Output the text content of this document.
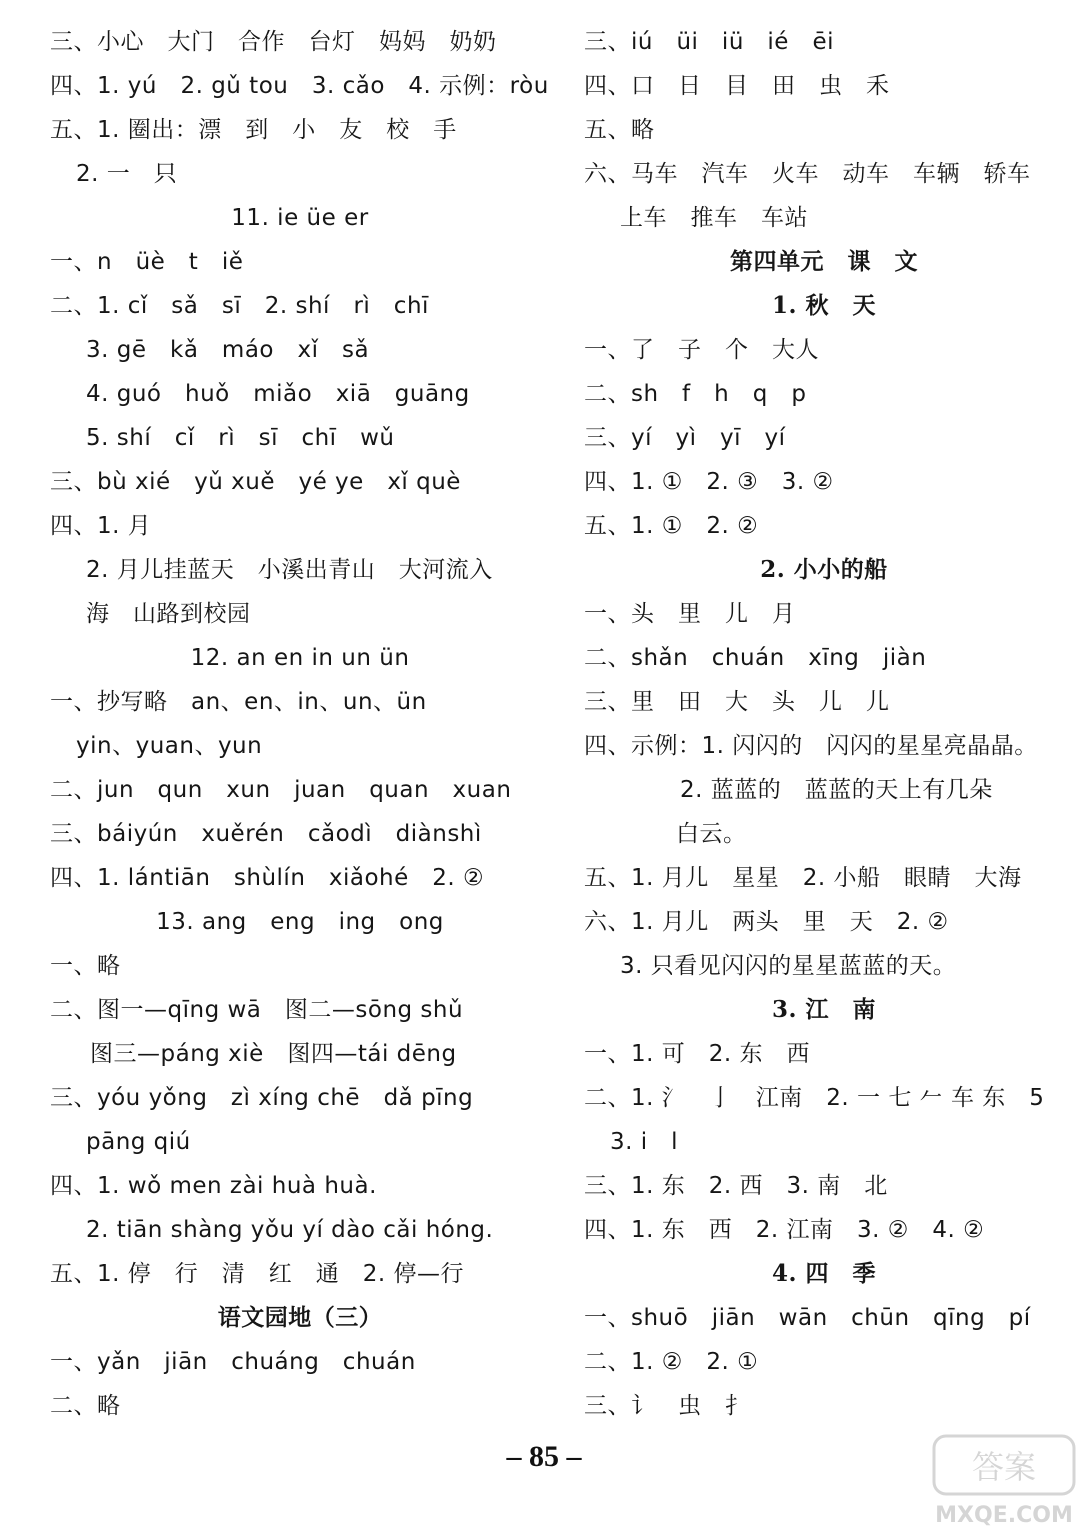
三、小心　大门　合作　台灯　妈妈　奶奶
四、1. yú　2. gǔ tou　3. cǎo　4. 示例：ròu
五、1. 圈出：漂　到　小　友　校　手
2. 一　只
11. ie üe er
一、n　üè　t　iě
二、1. cǐ　sǎ　sī　2. shí　rì　chī
3. gē　kǎ　máo　xǐ　sǎ
4. guó　huǒ　miǎo　xiā　guāng
5. shí　cǐ　rì　sī　chī　wǔ
三、bù xié　yǔ xuě　yé ye　xǐ què
四、1. 月
2. 月儿挂蓝天　小溪出青山　大河流入
海　山路到校园
12. an en in un ün
一、抄写略　an、en、in、un、ün
yin、yuan、yun
二、jun　qun　xun　juan　quan　xuan
三、báiyún　xuěrén　cǎodì　diànshì
四、1. lántiān　shùlín　xiǎohé　2. ②
13. ang　eng　ing　ong
一、略
二、图一—qīng wā　图二—sōng shǔ
图三—páng xiè　图四—tái dēng
三、yóu yǒng　zì xíng chē　dǎ pīng
pāng qiú
四、1. wǒ men zài huà huà.
2. tiān shàng yǒu yí dào cǎi hóng.
五、1. 停　行　清　红　通　2. 停—行
语文园地（三）
一、yǎn　jiān　chuáng　chuán
二、略
三、iú　üi　iü　ié　ēi
四、口　日　目　田　虫　禾
五、略
六、马车　汽车　火车　动车　车辆　轿车
上车　推车　车站
第四单元　课　文
1. 秋　天
一、了　子　个　大人
二、sh　f　h　q　p
三、yí　yì　yī　yí
四、1. ①　2. ③　3. ②
五、1. ①　2. ②
2. 小小的船
一、头　里　儿　月
二、shǎn　chuán　xīng　jiàn
三、里　田　大　头　儿　儿
四、示例：1. 闪闪的　闪闪的星星亮晶晶。
2. 蓝蓝的　蓝蓝的天上有几朵
白云。
五、1. 月儿　星星　2. 小船　眼睛　大海
六、1. 月儿　两头　里　天　2. ②
3. 只看见闪闪的星星蓝蓝的天。
3. 江　南
一、1. 可　2. 东　西
二、1. 氵　亅　江南　2. 一 七 𠂉 车 东　5
3. i　l
三、1. 东　2. 西　3. 南　北
四、1. 东　西　2. 江南　3. ②　4. ②
4. 四　季
一、shuō　jiān　wān　chūn　qīng　pí
二、1. ②　2. ①
三、讠　虫　扌
– 85 –	答案
MXQE.COM
